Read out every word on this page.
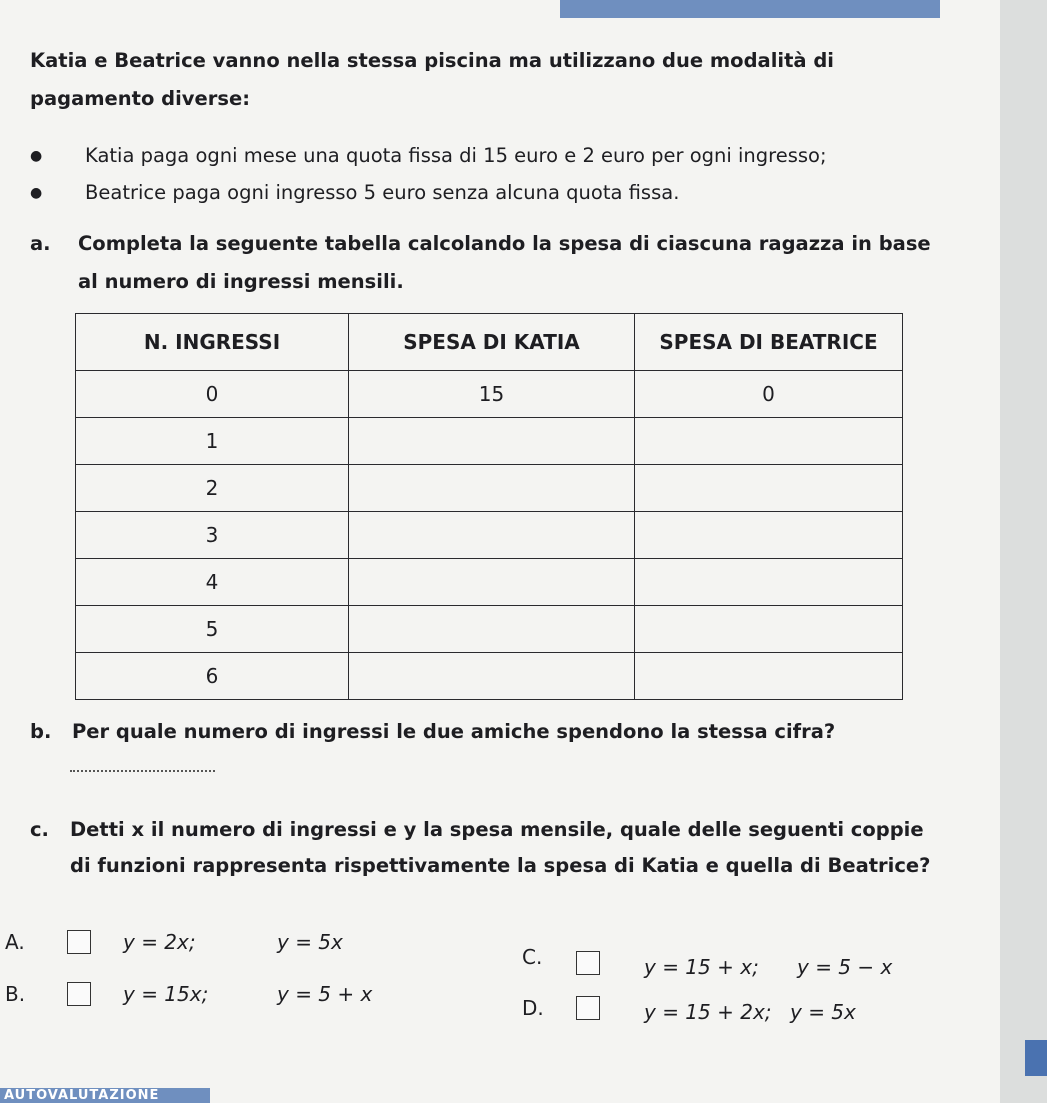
Katia e Beatrice vanno nella stessa piscina ma utilizzano due modalità di pagamento diverse:
● Katia paga ogni mese una quota fissa di 15 euro e 2 euro per ogni ingresso;
● Beatrice paga ogni ingresso 5 euro senza alcuna quota fissa.
a. Completa la seguente tabella calcolando la spesa di ciascuna ragazza in base al numero di ingressi mensili.
N. INGRESSI	SPESA DI KATIA	SPESA DI BEATRICE
0	15	0
1		
2		
3		
4		
5		
6		
b. Per quale numero di ingressi le due amiche spendono la stessa cifra?
c. Detti x il numero di ingressi e y la spesa mensile, quale delle seguenti coppie di funzioni rappresenta rispettivamente la spesa di Katia e quella di Beatrice?
A.	y = 2x;	y = 5x
B.	y = 15x;	y = 5 + x
C.	y = 15 + x; y = 5 − x
D.	y = 15 + 2x; y = 5x
AUTOVALUTAZIONE
